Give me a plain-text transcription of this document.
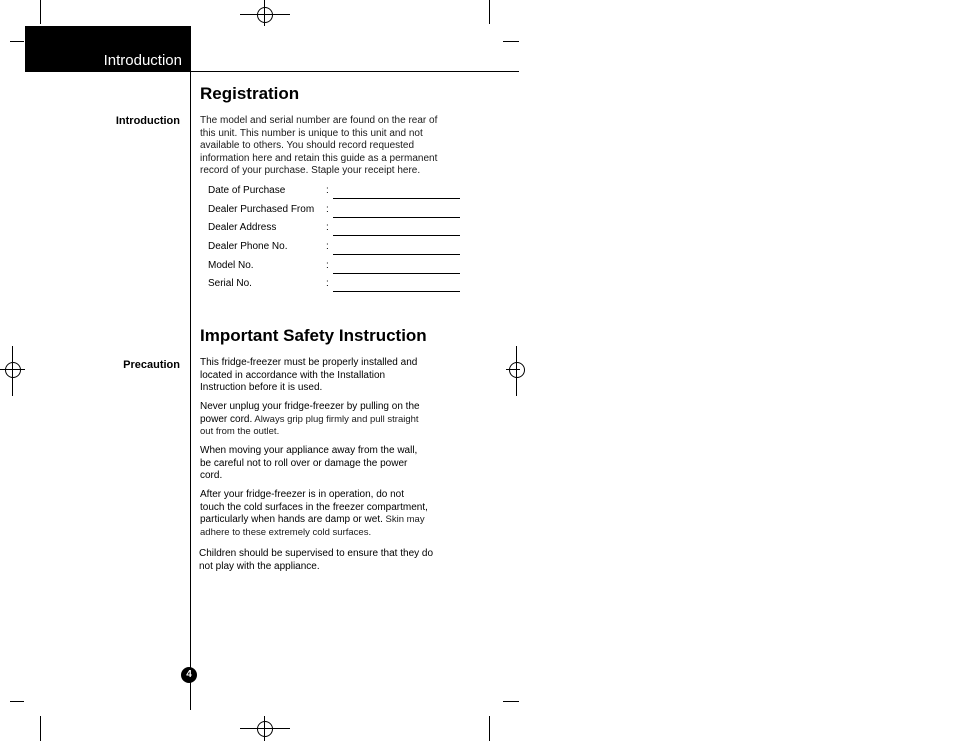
Introduction
Introduction
Registration
The model and serial number are found on the rear of
this unit. This number is unique to this unit and not
available to others. You should record requested
information here and retain this guide as a permanent
record of your purchase. Staple your receipt here.
Date of Purchase	:
Dealer Purchased From :
Dealer Address	:
Dealer Phone No.	:
Model No.	:
Serial No.	:
Important Safety Instruction
Precaution This fridge-freezer must be properly installed and
located in accordance with the Installation
Instruction before it is used.
Never unplug your fridge-freezer by pulling on the
power cord. Always grip plug firmly and pull straight
out from the outlet.
When moving your appliance away from the wall,
be careful not to roll over or damage the power
cord.
After your fridge-freezer is in operation, do not
touch the cold surfaces in the freezer compartment,
particularly when hands are damp or wet. Skin may
adhere to these extremely cold surfaces.
Children should be supervised to ensure that they do
not play with the appliance.
4
